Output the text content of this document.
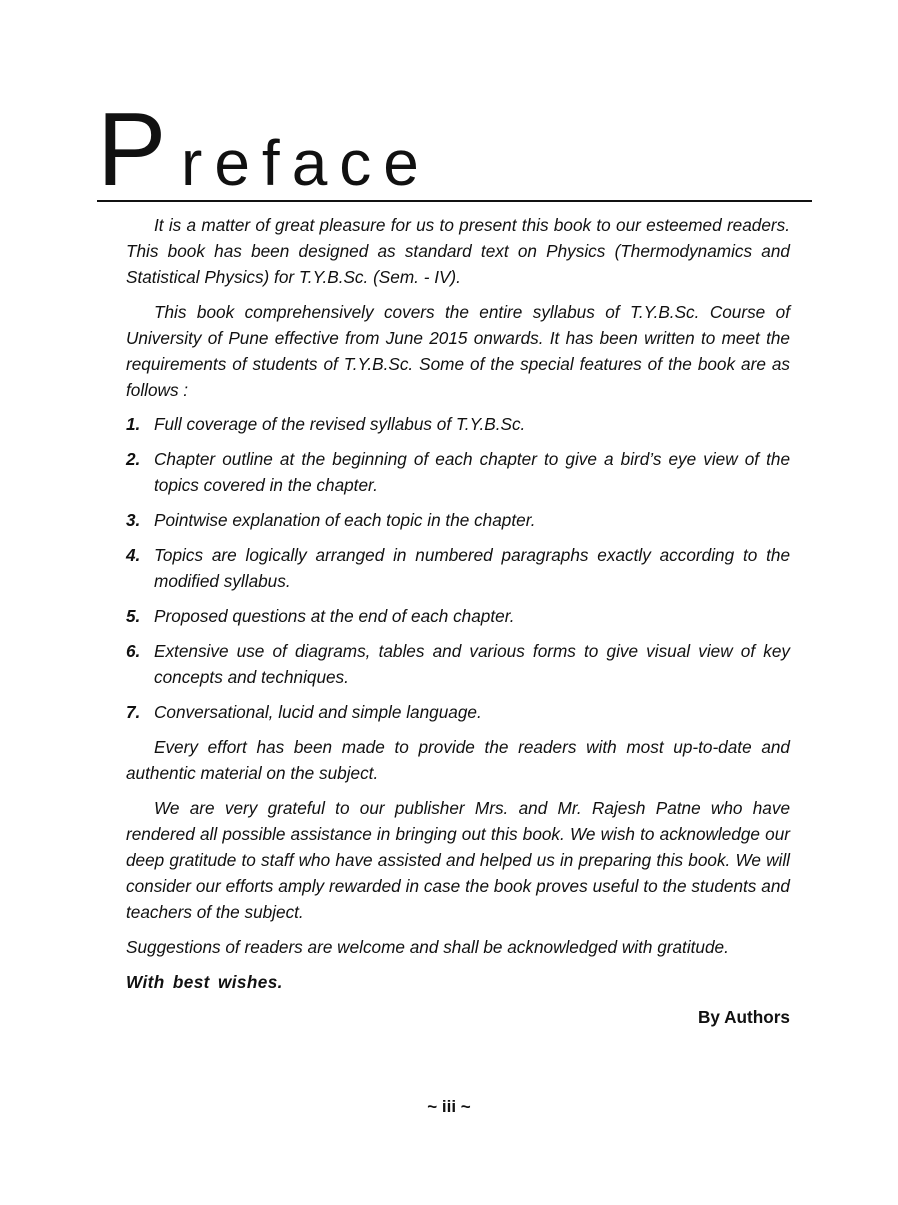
P reface

It is a matter of great pleasure for us to present this book to our esteemed readers. This book has been designed as standard text on Physics (Thermodynamics and Statistical Physics) for T.Y.B.Sc. (Sem. - IV).

This book comprehensively covers the entire syllabus of T.Y.B.Sc. Course of University of Pune effective from June 2015 onwards. It has been written to meet the requirements of students of T.Y.B.Sc. Some of the special features of the book are as follows :

1. Full coverage of the revised syllabus of T.Y.B.Sc.
2. Chapter outline at the beginning of each chapter to give a bird’s eye view of the topics covered in the chapter.
3. Pointwise explanation of each topic in the chapter.
4. Topics are logically arranged in numbered paragraphs exactly according to the modified syllabus.
5. Proposed questions at the end of each chapter.
6. Extensive use of diagrams, tables and various forms to give visual view of key concepts and techniques.
7. Conversational, lucid and simple language.

Every effort has been made to provide the readers with most up-to-date and authentic material on the subject.

We are very grateful to our publisher Mrs. and Mr. Rajesh Patne who have rendered all possible assistance in bringing out this book. We wish to acknowledge our deep gratitude to staff who have assisted and helped us in preparing this book. We will consider our efforts amply rewarded in case the book proves useful to the students and teachers of the subject.

Suggestions of readers are welcome and shall be acknowledged with gratitude.

With best wishes.

By Authors

~ iii ~
